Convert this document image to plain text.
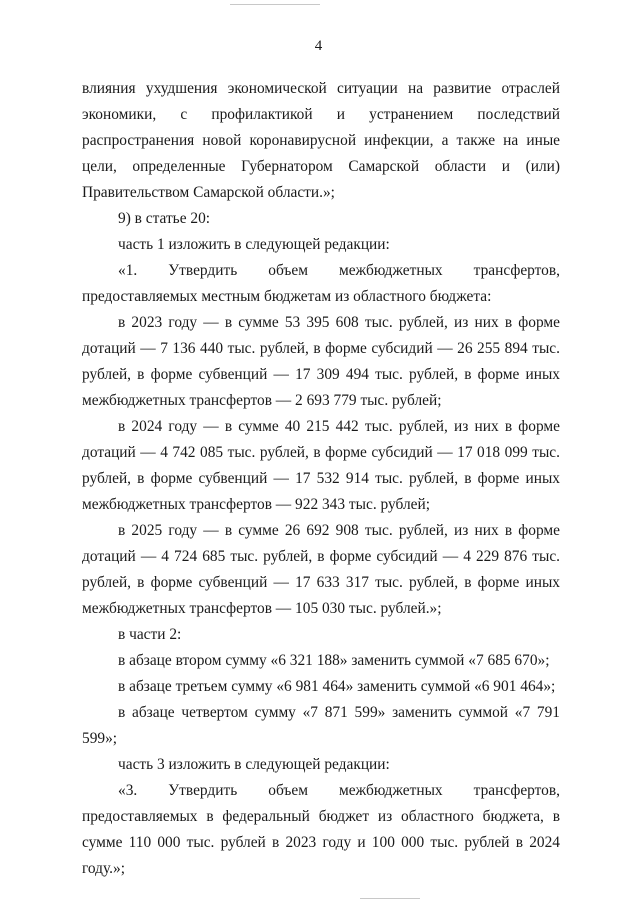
4

влияния ухудшения экономической ситуации на развитие отраслей экономики, с профилактикой и устранением последствий распространения новой коронавирусной инфекции, а также на иные цели, определенные Губернатором Самарской области и (или) Правительством Самарской области.»;

9) в статье 20:

часть 1 изложить в следующей редакции:

«1. Утвердить объем межбюджетных трансфертов, предоставляемых местным бюджетам из областного бюджета:

в 2023 году — в сумме 53 395 608 тыс. рублей, из них в форме дотаций — 7 136 440 тыс. рублей, в форме субсидий — 26 255 894 тыс. рублей, в форме субвенций — 17 309 494 тыс. рублей, в форме иных межбюджетных трансфертов — 2 693 779 тыс. рублей;

в 2024 году — в сумме 40 215 442 тыс. рублей, из них в форме дотаций — 4 742 085 тыс. рублей, в форме субсидий — 17 018 099 тыс. рублей, в форме субвенций — 17 532 914 тыс. рублей, в форме иных межбюджетных трансфертов — 922 343 тыс. рублей;

в 2025 году — в сумме 26 692 908 тыс. рублей, из них в форме дотаций — 4 724 685 тыс. рублей, в форме субсидий — 4 229 876 тыс. рублей, в форме субвенций — 17 633 317 тыс. рублей, в форме иных межбюджетных трансфертов — 105 030 тыс. рублей.»;

в части 2:

в абзаце втором сумму «6 321 188» заменить суммой «7 685 670»;

в абзаце третьем сумму «6 981 464» заменить суммой «6 901 464»;

в абзаце четвертом сумму «7 871 599» заменить суммой «7 791 599»;

часть 3 изложить в следующей редакции:

«3. Утвердить объем межбюджетных трансфертов, предоставляемых в федеральный бюджет из областного бюджета, в сумме 110 000 тыс. рублей в 2023 году и 100 000 тыс. рублей в 2024 году.»;
